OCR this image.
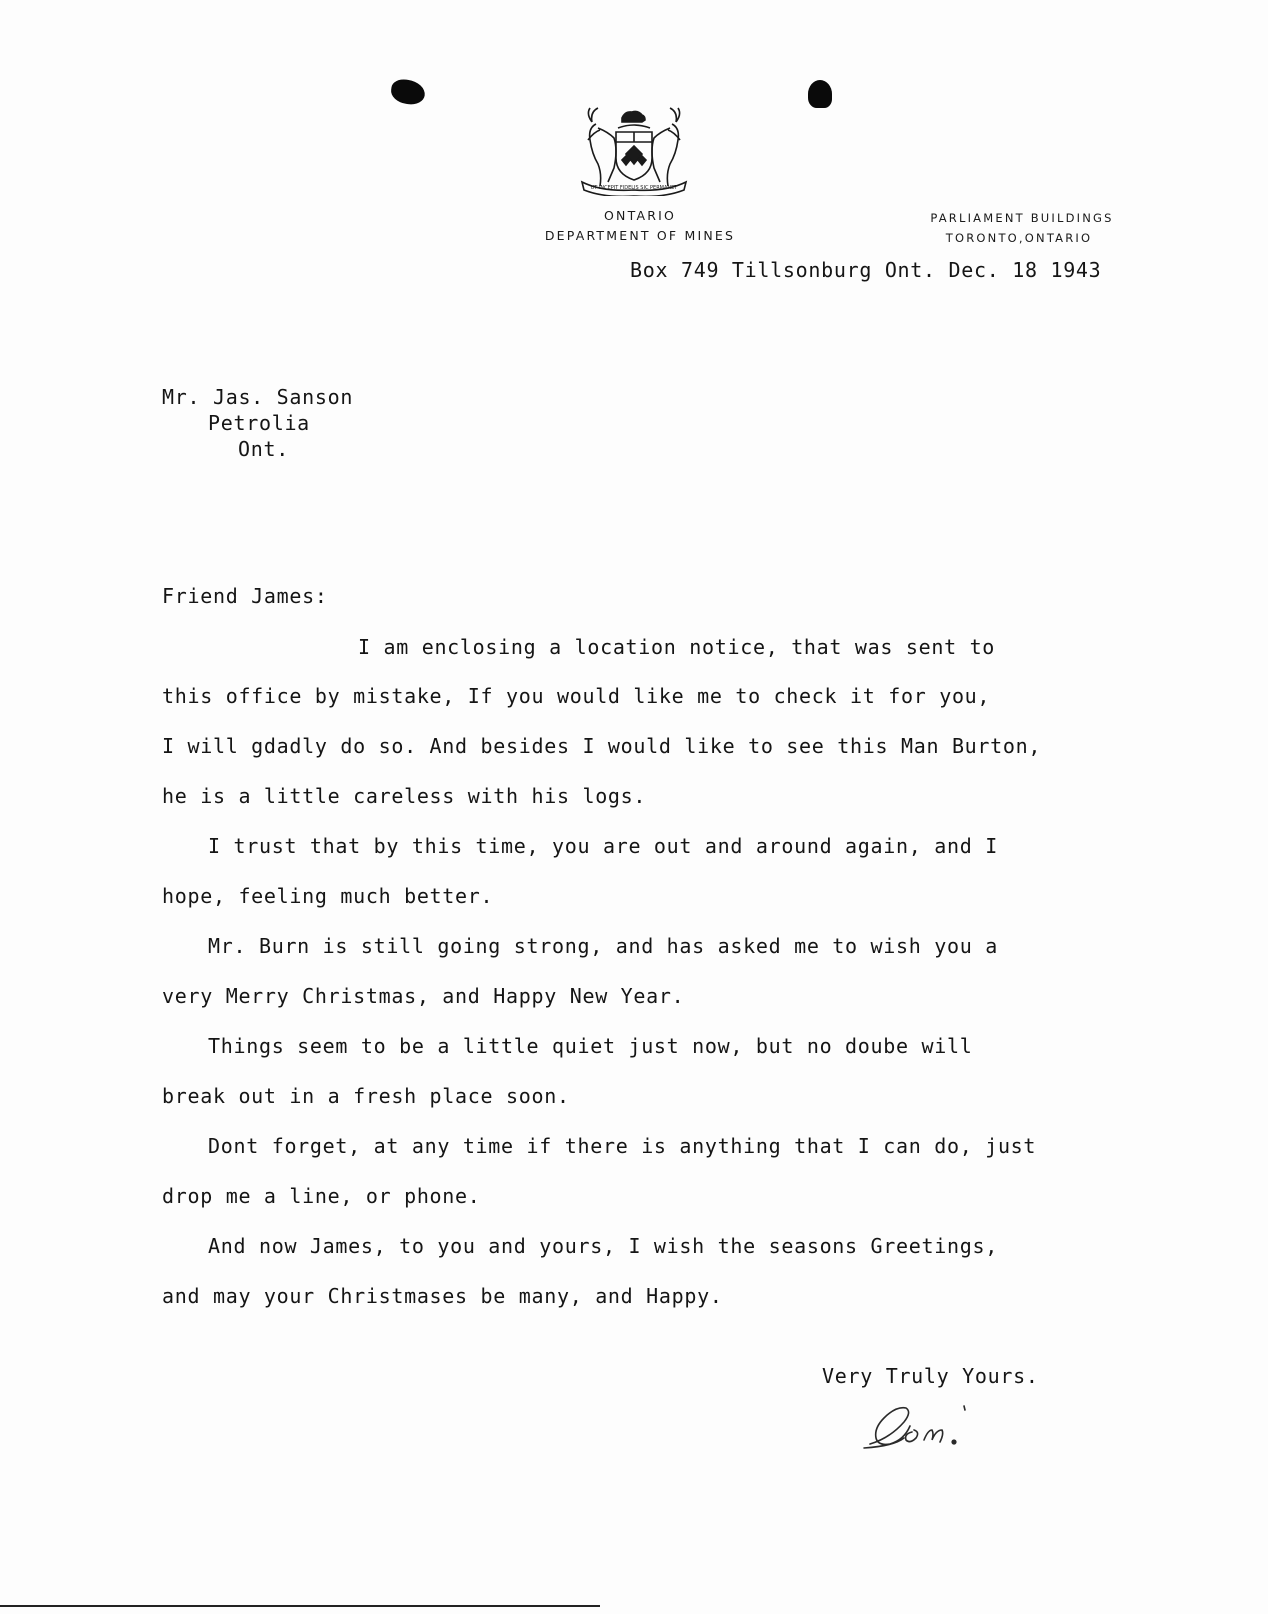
UT INCEPIT FIDELIS SIC PERMANET
ONTARIO
DEPARTMENT OF MINES
PARLIAMENT BUILDINGS
TORONTO,ONTARIO
Box 749 Tillsonburg Ont. Dec. 18 1943
Mr. Jas. Sanson
Petrolia
Ont.
Friend James:
I am enclosing a location notice, that was sent to
this office by mistake, If you would like me to check it for you,
I will gdadly do so. And besides I would like to see this Man Burton,
he is a little careless with his logs.
I trust that by this time, you are out and around again, and I
hope, feeling much better.
Mr. Burn is still going strong, and has asked me to wish you a
very Merry Christmas, and Happy New Year.
Things seem to be a little quiet just now, but no doube will
break out in a fresh place soon.
Dont forget, at any time if there is anything that I can do, just
drop me a line, or phone.
And now James, to you and yours, I wish the seasons Greetings,
and may your Christmases be many, and Happy.
Very Truly Yours.
Don.
